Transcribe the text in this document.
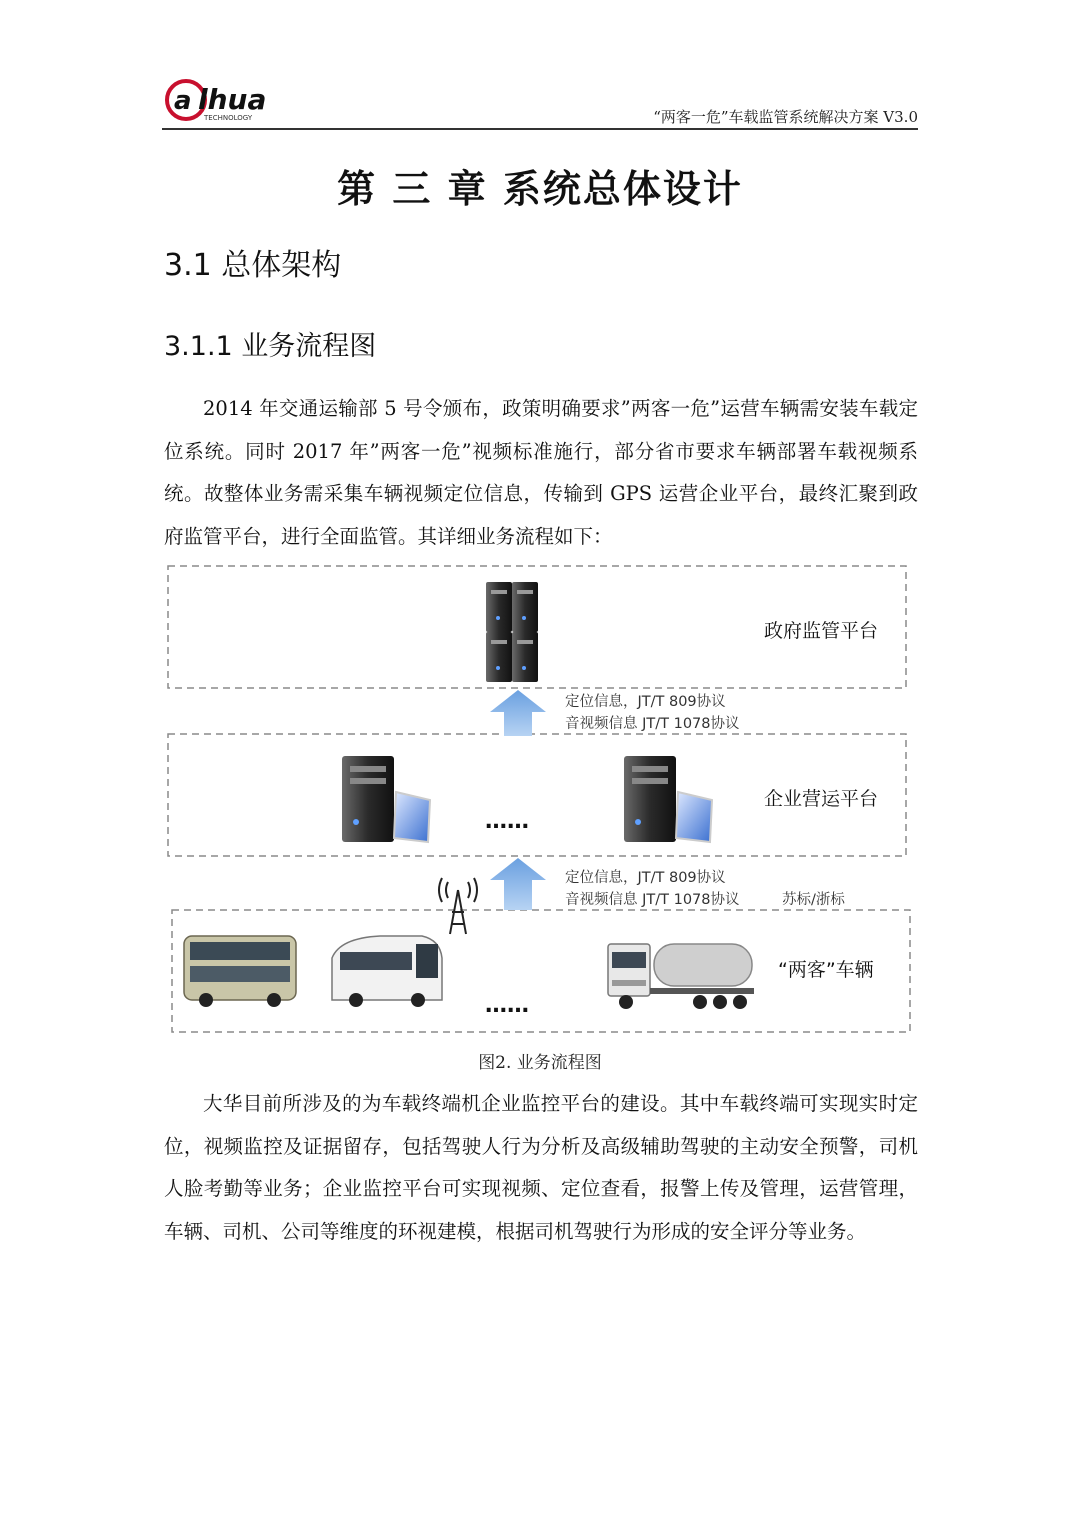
a lhua
TECHNOLOGY	“两客一危”车载监管系统解决方案 V3.0
第 三 章 系统总体设计
3.1 总体架构
3.1.1 业务流程图

2014 年交通运输部 5 号令颁布，政策明确要求”两客一危”运营车辆需安装车载定位系统。同时 2017 年”两客一危”视频标准施行，部分省市要求车辆部署车载视频系统。故整体业务需采集车辆视频定位信息，传输到 GPS 运营企业平台，最终汇聚到政府监管平台，进行全面监管。其详细业务流程如下：

政府监管平台
定位信息，JT/T 809协议
音视频信息 JT/T 1078协议
……
企业营运平台
定位信息，JT/T 809协议
音视频信息 JT/T 1078协议	苏标/浙标
……
“两客”车辆
图2. 业务流程图

大华目前所涉及的为车载终端机企业监控平台的建设。其中车载终端可实现实时定位，视频监控及证据留存，包括驾驶人行为分析及高级辅助驾驶的主动安全预警，司机人脸考勤等业务；企业监控平台可实现视频、定位查看，报警上传及管理，运营管理，车辆、司机、公司等维度的环视建模，根据司机驾驶行为形成的安全评分等业务。
